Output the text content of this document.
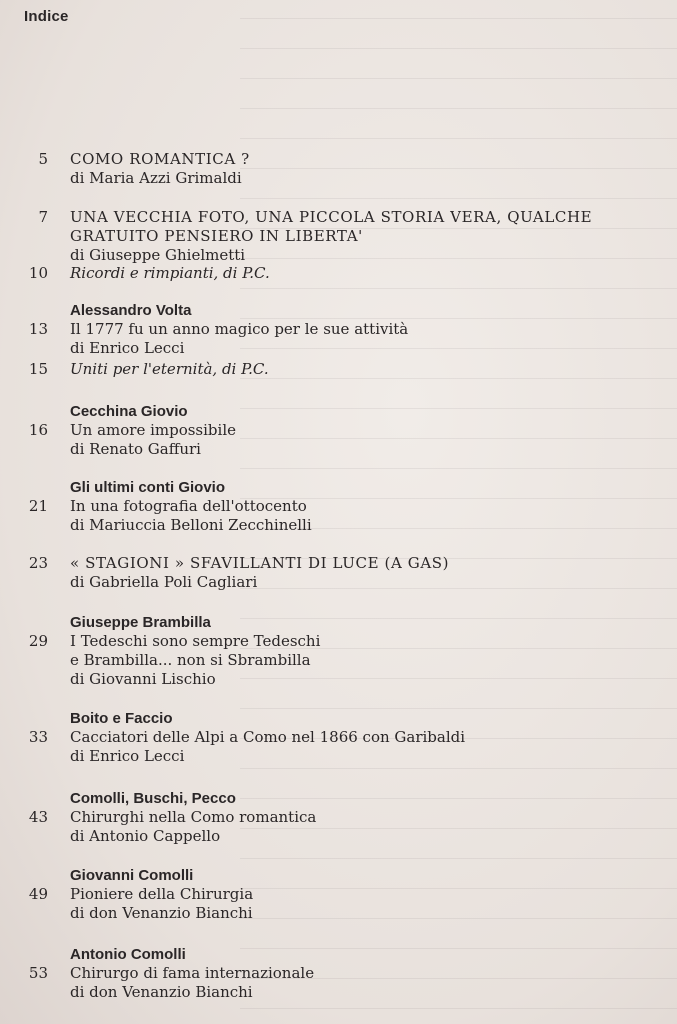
Indice
5 COMO ROMANTICA ?
di Maria Azzi Grimaldi
7 UNA VECCHIA FOTO, UNA PICCOLA STORIA VERA, QUALCHE
GRATUITO PENSIERO IN LIBERTA'
di Giuseppe Ghielmetti
10 Ricordi e rimpianti, di P.C.
Alessandro Volta
Il 1777 fu un anno magico per le sue attività
di Enrico Lecci
13
15 Uniti per l'eternità, di P.C.
Cecchina Giovio
Un amore impossibile
di Renato Gaffuri
16
Gli ultimi conti Giovio
In una fotografia dell'ottocento
di Mariuccia Belloni Zecchinelli
21
23 « STAGIONI » SFAVILLANTI DI LUCE (A GAS)
di Gabriella Poli Cagliari
Giuseppe Brambilla
I Tedeschi sono sempre Tedeschi
e Brambilla... non si Sbrambilla
di Giovanni Lischio
29
Boito e Faccio
Cacciatori delle Alpi a Como nel 1866 con Garibaldi
di Enrico Lecci
33
Comolli, Buschi, Pecco
Chirurghi nella Como romantica
di Antonio Cappello
43
Giovanni Comolli
Pioniere della Chirurgia
di don Venanzio Bianchi
49
Antonio Comolli
Chirurgo di fama internazionale
di don Venanzio Bianchi
53
